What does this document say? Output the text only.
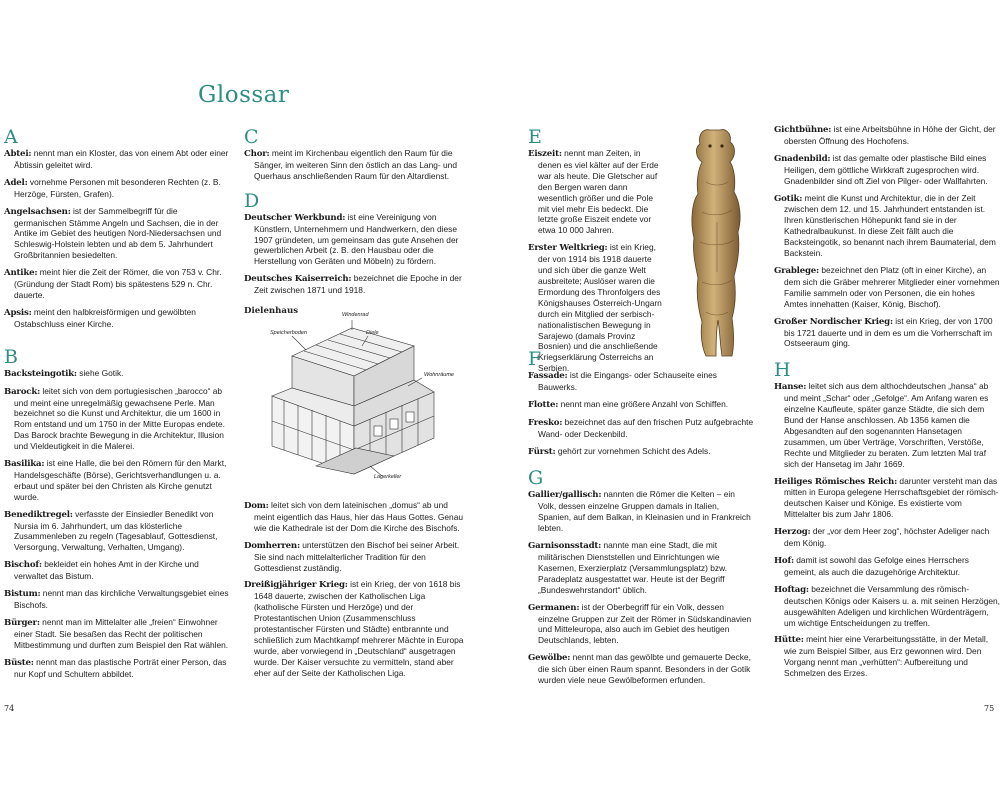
Glossar
A

Abtei: nennt man ein Kloster, das von einem Abt oder einer Äbtissin geleitet wird.

Adel: vornehme Personen mit besonderen Rechten (z. B. Herzöge, Fürsten, Grafen).

Angelsachsen: ist der Sammelbegriff für die germanischen Stämme Angeln und Sachsen, die in der Antike im Gebiet des heutigen Nord-Niedersachsen und Schleswig-Holstein lebten und ab dem 5. Jahrhundert Großbritannien besiedelten.

Antike: meint hier die Zeit der Römer, die von 753 v. Chr. (Gründung der Stadt Rom) bis spätestens 529 n. Chr. dauerte.

Apsis: meint den halbkreisförmigen und gewölbten Ostabschluss einer Kirche.

B

Backsteingotik: siehe Gotik.

Barock: leitet sich von dem portugiesischen „barocco“ ab und meint eine unregelmäßig gewachsene Perle. Man bezeichnet so die Kunst und Architektur, die um 1600 in Rom entstand und um 1750 in der Mitte Europas endete. Das Barock brachte Bewegung in die Architektur, Illusion und Vieldeutigkeit in die Malerei.

Basilika: ist eine Halle, die bei den Römern für den Markt, Handelsgeschäfte (Börse), Gerichtsverhandlungen u. a. erbaut und später bei den Christen als Kirche genutzt wurde.

Benediktregel: verfasste der Einsiedler Benedikt von Nursia im 6. Jahrhundert, um das klösterliche Zusammenleben zu regeln (Tagesablauf, Gottesdienst, Versorgung, Verwaltung, Verhalten, Umgang).

Bischof: bekleidet ein hohes Amt in der Kirche und verwaltet das Bistum.

Bistum: nennt man das kirchliche Verwaltungsgebiet eines Bischofs.

Bürger: nennt man im Mittelalter alle „freien“ Einwohner einer Stadt. Sie besaßen das Recht der politischen Mitbestimmung und durften zum Beispiel den Rat wählen.

Büste: nennt man das plastische Porträt einer Person, das nur Kopf und Schultern abbildet.

C

Chor: meint im Kirchenbau eigentlich den Raum für die Sänger, im weiteren Sinn den östlich an das Lang- und Querhaus anschließenden Raum für den Altardienst.

D

Deutscher Werkbund: ist eine Vereinigung von Künstlern, Unternehmern und Handwerkern, den diese 1907 gründeten, um gemeinsam das gute Ansehen der gewerblichen Arbeit (z. B. den Hausbau oder die Herstellung von Geräten und Möbeln) zu fördern.

Deutsches Kaiserreich: bezeichnet die Epoche in der Zeit zwischen 1871 und 1918.

Dielenhaus	Windenrad
Speicherboden	Diele
Wohnräume
Lagerkeller

Dom: leitet sich von dem lateinischen „domus“ ab und meint eigentlich das Haus, hier das Haus Gottes. Genau wie die Kathedrale ist der Dom die Kirche des Bischofs.

Domherren: unterstützen den Bischof bei seiner Arbeit. Sie sind nach mittelalterlicher Tradition für den Gottesdienst zuständig.

Dreißigjähriger Krieg: ist ein Krieg, der von 1618 bis 1648 dauerte, zwischen der Katholischen Liga (katholische Fürsten und Herzöge) und der Protestantischen Union (Zusammenschluss protestantischer Fürsten und Städte) entbrannte und schließlich zum Machtkampf mehrerer Mächte in Europa wurde, aber vorwiegend in „Deutschland“ ausgetragen wurde. Der Kaiser versuchte zu vermitteln, stand aber eher auf der Seite der Katholischen Liga.

E

Eiszeit: nennt man Zeiten, in denen es viel kälter auf der Erde war als heute. Die Gletscher auf den Bergen waren dann wesentlich größer und die Pole mit viel mehr Eis bedeckt. Die letzte große Eiszeit endete vor etwa 10 000 Jahren.

Erster Weltkrieg: ist ein Krieg, der von 1914 bis 1918 dauerte und sich über die ganze Welt ausbreitete; Auslöser waren die Ermordung des Thronfolgers des Königshauses Österreich-Ungarn durch ein Mitglied der serbisch-nationalistischen Bewegung in Sarajewo (damals Provinz Bosnien) und die anschließende Kriegserklärung Österreichs an Serbien.

F

Fassade: ist die Eingangs- oder Schauseite eines Bauwerks.

Flotte: nennt man eine größere Anzahl von Schiffen.

Fresko: bezeichnet das auf den frischen Putz aufgebrachte Wand- oder Deckenbild.

Fürst: gehört zur vornehmen Schicht des Adels.

G

Gallier/gallisch: nannten die Römer die Kelten – ein Volk, dessen einzelne Gruppen damals in Italien, Spanien, auf dem Balkan, in Kleinasien und in Frankreich lebten.

Garnisonsstadt: nannte man eine Stadt, die mit militärischen Dienststellen und Einrichtungen wie Kasernen, Exerzierplatz (Versammlungsplatz) bzw. Paradeplatz ausgestattet war. Heute ist der Begriff „Bundeswehrstandort“ üblich.

Germanen: ist der Oberbegriff für ein Volk, dessen einzelne Gruppen zur Zeit der Römer in Südskandinavien und Mitteleuropa, also auch im Gebiet des heutigen Deutschlands, lebten.

Gewölbe: nennt man das gewölbte und gemauerte Decke, die sich über einen Raum spannt. Besonders in der Gotik wurden viele neue Gewölbeformen erfunden.

Gichtbühne: ist eine Arbeitsbühne in Höhe der Gicht, der obersten Öffnung des Hochofens.

Gnadenbild: ist das gemalte oder plastische Bild eines Heiligen, dem göttliche Wirkkraft zugesprochen wird. Gnadenbilder sind oft Ziel von Pilger- oder Wallfahrten.

Gotik: meint die Kunst und Architektur, die in der Zeit zwischen dem 12. und 15. Jahrhundert entstanden ist. Ihren künstlerischen Höhepunkt fand sie in der Kathedralbaukunst. In diese Zeit fällt auch die Backsteingotik, so benannt nach ihrem Baumaterial, dem Backstein.

Grablege: bezeichnet den Platz (oft in einer Kirche), an dem sich die Gräber mehrerer Mitglieder einer vornehmen Familie sammeln oder von Personen, die ein hohes Amtes innehatten (Kaiser, König, Bischof).

Großer Nordischer Krieg: ist ein Krieg, der von 1700 bis 1721 dauerte und in dem es um die Vorherrschaft im Ostseeraum ging.

H

Hanse: leitet sich aus dem althochdeutschen „hansa“ ab und meint „Schar“ oder „Gefolge“. Am Anfang waren es einzelne Kaufleute, später ganze Städte, die sich dem Bund der Hanse anschlossen. Ab 1356 kamen die Abgesandten auf den sogenannten Hansetagen zusammen, um über Verträge, Vorschriften, Verstöße, Rechte und Mitglieder zu beraten. Zum letzten Mal traf sich der Hansetag im Jahr 1669.

Heiliges Römisches Reich: darunter versteht man das mitten in Europa gelegene Herrschaftsgebiet der römisch-deutschen Kaiser und Könige. Es existierte vom Mittelalter bis zum Jahr 1806.

Herzog: der „vor dem Heer zog“, höchster Adeliger nach dem König.

Hof: damit ist sowohl das Gefolge eines Herrschers gemeint, als auch die dazugehörige Architektur.

Hoftag: bezeichnet die Versammlung des römisch-deutschen Königs oder Kaisers u. a. mit seinen Herzögen, ausgewählten Adeligen und kirchlichen Würdenträgern, um wichtige Entscheidungen zu treffen.

Hütte: meint hier eine Verarbeitungsstätte, in der Metall, wie zum Beispiel Silber, aus Erz gewonnen wird. Den Vorgang nennt man „verhütten“: Aufbereitung und Schmelzen des Erzes.

74	75
